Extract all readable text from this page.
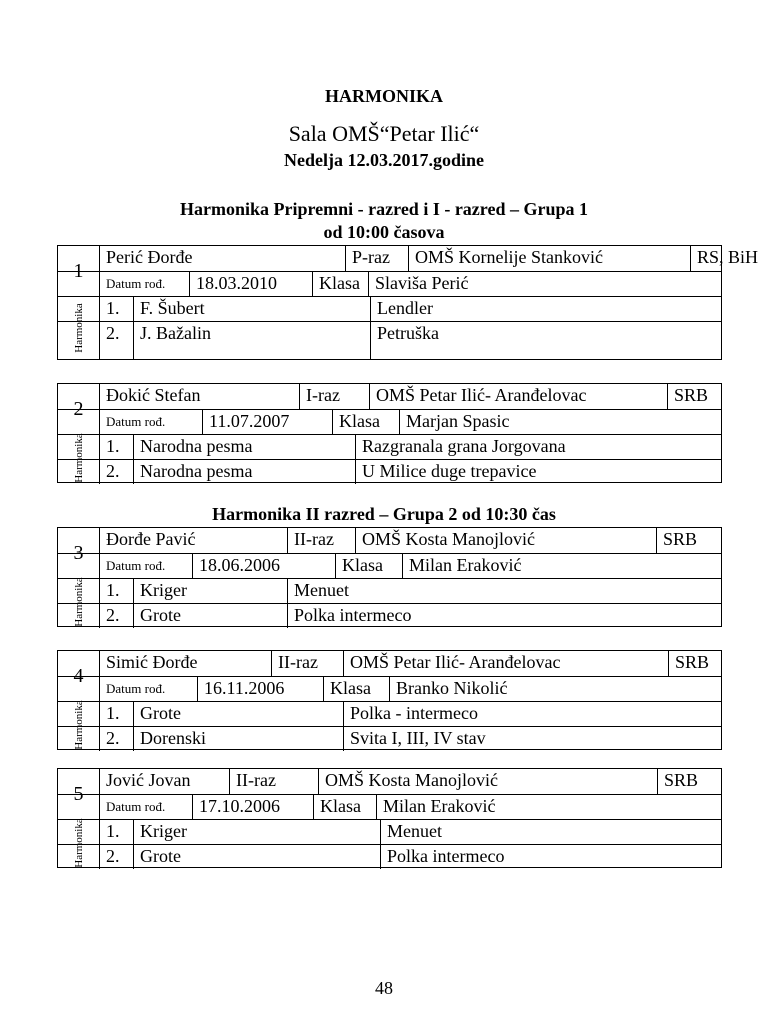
HARMONIKA
Sala OMŠ“Petar Ilić“
Nedelja 12.03.2017.godine
Harmonika Pripremni - razred i I - razred – Grupa 1
od 10:00 časova
1
Harmonika
Perić Đorđe	P-raz	OMŠ Kornelije Stanković	RS, BiH
Datum rođ.	18.03.2010	Klasa Slaviša Perić
1.	F. Šubert	Lendler
2.	J. Bažalin	Petruška
2
Harmonika
Đokić Stefan	I-raz	OMŠ Petar Ilić- Aranđelovac	SRB
Datum rođ.	11.07.2007	Klasa	Marjan Spasic
1.	Narodna pesma	Razgranala grana Jorgovana
2.	Narodna pesma	U Milice duge trepavice
Harmonika II razred – Grupa 2 od 10:30 čas
3
Harmonika
Đorđe Pavić	II-raz	OMŠ Kosta Manojlović	SRB
Datum rođ.	18.06.2006	Klasa	Milan Eraković
1.	Kriger	Menuet
2.	Grote	Polka intermeco
4
Harmonika
Simić Đorđe	II-raz	OMŠ Petar Ilić- Aranđelovac	SRB
Datum rođ.	16.11.2006	Klasa	Branko Nikolić
1.	Grote	Polka - intermeco
2.	Dorenski	Svita I, III, IV stav
5
Harmonika
Jović Jovan	II-raz	OMŠ Kosta Manojlović	SRB
Datum rođ.	17.10.2006	Klasa	Milan Eraković
1.	Kriger	Menuet
2.	Grote	Polka intermeco
48
